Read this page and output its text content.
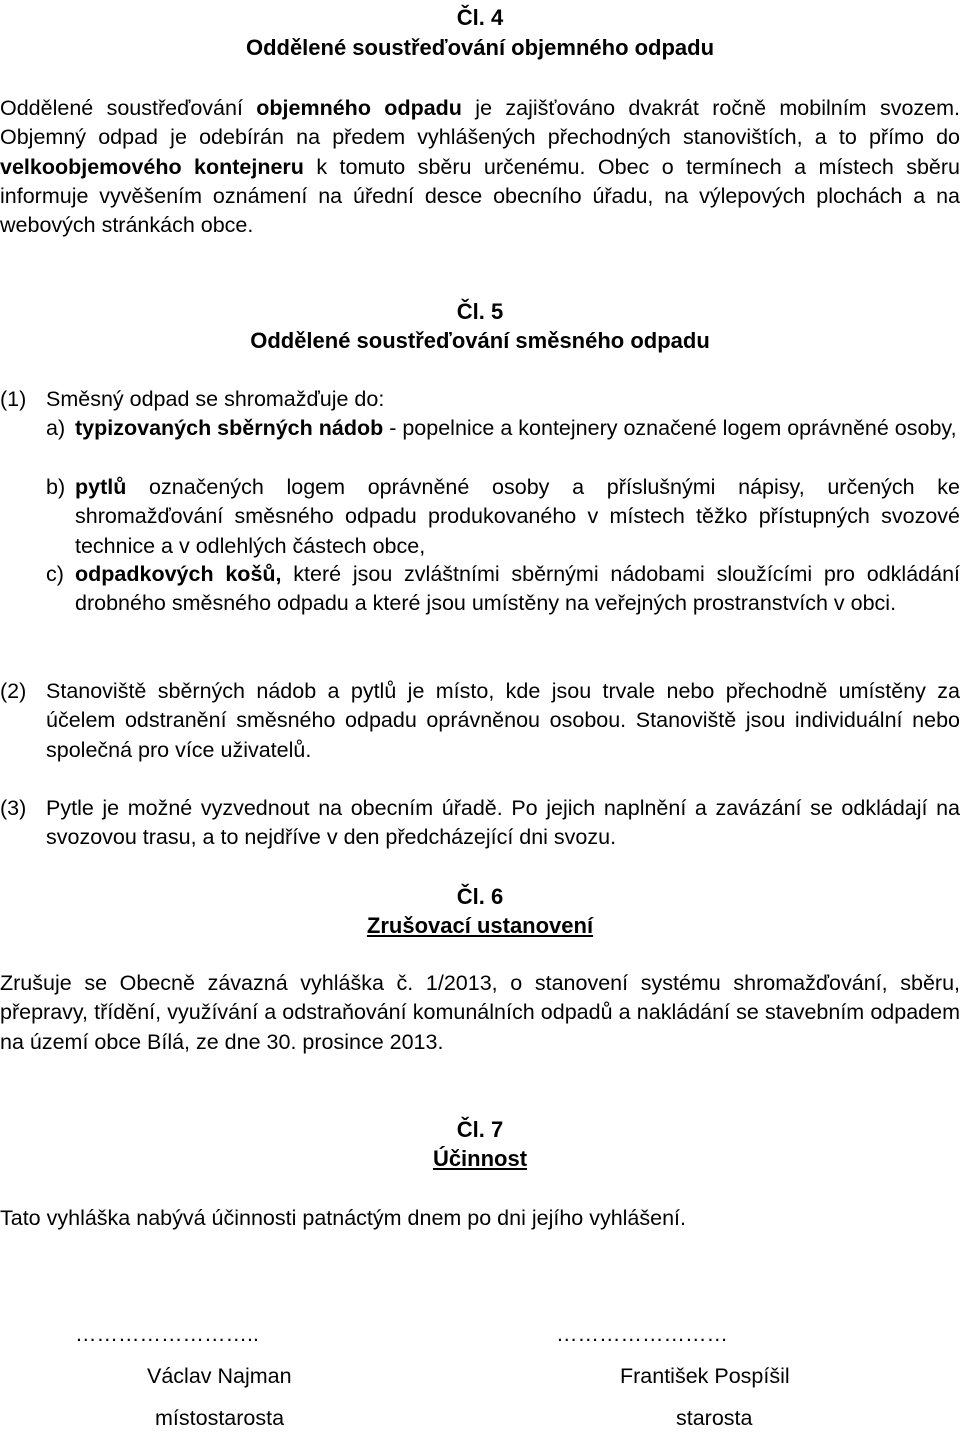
Čl. 4
Oddělené soustřeďování objemného odpadu

Oddělené soustřeďování objemného odpadu je zajišťováno dvakrát ročně mobilním svozem. Objemný odpad je odebírán na předem vyhlášených přechodných stanovištích, a to přímo do velkoobjemového kontejneru k tomuto sběru určenému. Obec o termínech a místech sběru informuje vyvěšením oznámení na úřední desce obecního úřadu, na výlepových plochách a na webových stránkách obce.

Čl. 5
Oddělené soustřeďování směsného odpadu
(1) Směsný odpad se shromažďuje do:
a) typizovaných sběrných nádob - popelnice a kontejnery označené logem oprávněné osoby,
b) pytlů označených logem oprávněné osoby a příslušnými nápisy, určených ke shromažďování směsného odpadu produkovaného v místech těžko přístupných svozové technice a v odlehlých částech obce,
c) odpadkových košů, které jsou zvláštními sběrnými nádobami sloužícími pro odkládání drobného směsného odpadu a které jsou umístěny na veřejných prostranstvích v obci.
(2) Stanoviště sběrných nádob a pytlů je místo, kde jsou trvale nebo přechodně umístěny za účelem odstranění směsného odpadu oprávněnou osobou. Stanoviště jsou individuální nebo společná pro více uživatelů.
(3) Pytle je možné vyzvednout na obecním úřadě. Po jejich naplnění a zavázání se odkládají na svozovou trasu, a to nejdříve v den předcházející dni svozu.
Čl. 6
Zrušovací ustanovení

Zrušuje se Obecně závazná vyhláška č. 1/2013, o stanovení systému shromažďování, sběru, přepravy, třídění, využívání a odstraňování komunálních odpadů a nakládání se stavebním odpadem na území obce Bílá, ze dne 30. prosince 2013.

Čl. 7
Účinnost

Tato vyhláška nabývá účinnosti patnáctým dnem po dni jejího vyhlášení.

……………………..
Václav Najman
místostarosta
……………………
František Pospíšil
starosta
